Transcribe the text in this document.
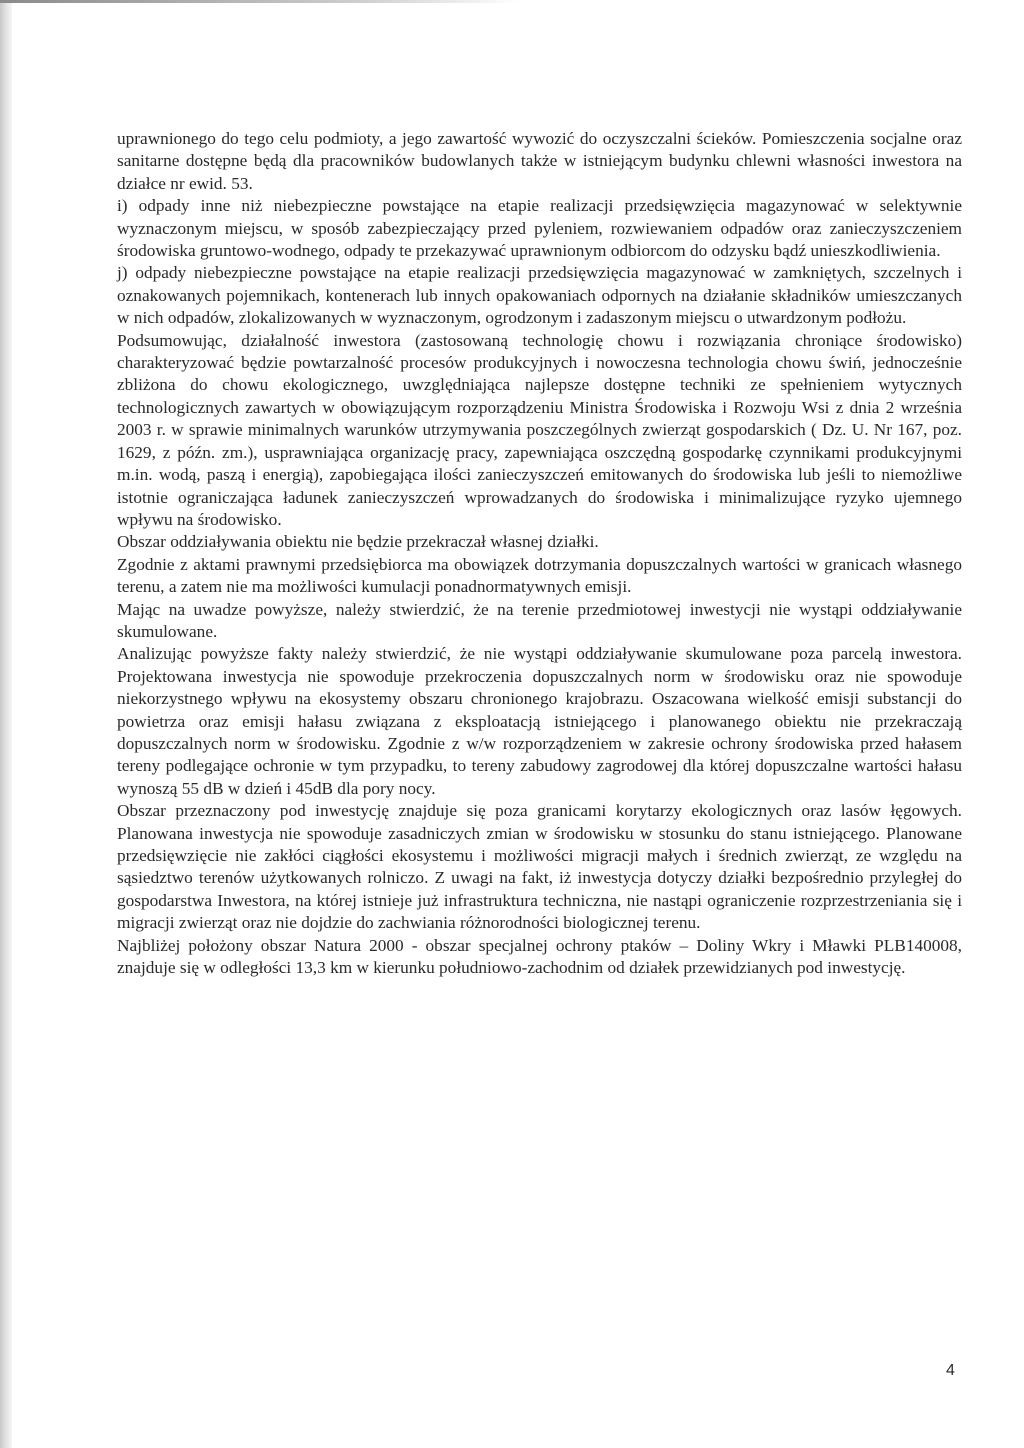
uprawnionego do tego celu podmioty, a jego zawartość wywozić do oczyszczalni ścieków. Pomieszczenia socjalne oraz sanitarne dostępne będą dla pracowników budowlanych także w istniejącym budynku chlewni własności inwestora na działce nr ewid. 53.

i) odpady inne niż niebezpieczne powstające na etapie realizacji przedsięwzięcia magazynować w selektywnie wyznaczonym miejscu, w sposób zabezpieczający przed pyleniem, rozwiewaniem odpadów oraz zanieczyszczeniem środowiska gruntowo-wodnego, odpady te przekazywać uprawnionym odbiorcom do odzysku bądź unieszkodliwienia.

j) odpady niebezpieczne powstające na etapie realizacji przedsięwzięcia magazynować w zamkniętych, szczelnych i oznakowanych pojemnikach, kontenerach lub innych opakowaniach odpornych na działanie składników umieszczanych w nich odpadów, zlokalizowanych w wyznaczonym, ogrodzonym i zadaszonym miejscu o utwardzonym podłożu.

Podsumowując, działalność inwestora (zastosowaną technologię chowu i rozwiązania chroniące środowisko) charakteryzować będzie powtarzalność procesów produkcyjnych i nowoczesna technologia chowu świń, jednocześnie zbliżona do chowu ekologicznego, uwzględniająca najlepsze dostępne techniki ze spełnieniem wytycznych technologicznych zawartych w obowiązującym rozporządzeniu Ministra Środowiska i Rozwoju Wsi z dnia 2 września 2003 r. w sprawie minimalnych warunków utrzymywania poszczególnych zwierząt gospodarskich ( Dz. U. Nr 167, poz. 1629, z późn. zm.), usprawniająca organizację pracy, zapewniająca oszczędną gospodarkę czynnikami produkcyjnymi m.in. wodą, paszą i energią), zapobiegająca ilości zanieczyszczeń emitowanych do środowiska lub jeśli to niemożliwe istotnie ograniczająca ładunek zanieczyszczeń wprowadzanych do środowiska i minimalizujące ryzyko ujemnego wpływu na środowisko.

Obszar oddziaływania obiektu nie będzie przekraczał własnej działki.

Zgodnie z aktami prawnymi przedsiębiorca ma obowiązek dotrzymania dopuszczalnych wartości w granicach własnego terenu, a zatem nie ma możliwości kumulacji ponadnormatywnych emisji.

Mając na uwadze powyższe, należy stwierdzić, że na terenie przedmiotowej inwestycji nie wystąpi oddziaływanie skumulowane.

Analizując powyższe fakty należy stwierdzić, że nie wystąpi oddziaływanie skumulowane poza parcelą inwestora. Projektowana inwestycja nie spowoduje przekroczenia dopuszczalnych norm w środowisku oraz nie spowoduje niekorzystnego wpływu na ekosystemy obszaru chronionego krajobrazu. Oszacowana wielkość emisji substancji do powietrza oraz emisji hałasu związana z eksploatacją istniejącego i planowanego obiektu nie przekraczają dopuszczalnych norm w środowisku. Zgodnie z w/w rozporządzeniem w zakresie ochrony środowiska przed hałasem tereny podlegające ochronie w tym przypadku, to tereny zabudowy zagrodowej dla której dopuszczalne wartości hałasu wynoszą 55 dB w dzień i 45dB dla pory nocy.

Obszar przeznaczony pod inwestycję znajduje się poza granicami korytarzy ekologicznych oraz lasów łęgowych. Planowana inwestycja nie spowoduje zasadniczych zmian w środowisku w stosunku do stanu istniejącego. Planowane przedsięwzięcie nie zakłóci ciągłości ekosystemu i możliwości migracji małych i średnich zwierząt, ze względu na sąsiedztwo terenów użytkowanych rolniczo. Z uwagi na fakt, iż inwestycja dotyczy działki bezpośrednio przyległej do gospodarstwa Inwestora, na której istnieje już infrastruktura techniczna, nie nastąpi ograniczenie rozprzestrzeniania się i migracji zwierząt oraz nie dojdzie do zachwiania różnorodności biologicznej terenu.

Najbliżej położony obszar Natura 2000 - obszar specjalnej ochrony ptaków – Doliny Wkry i Mławki PLB140008, znajduje się w odległości 13,3 km w kierunku południowo-zachodnim od działek przewidzianych pod inwestycję.

4
